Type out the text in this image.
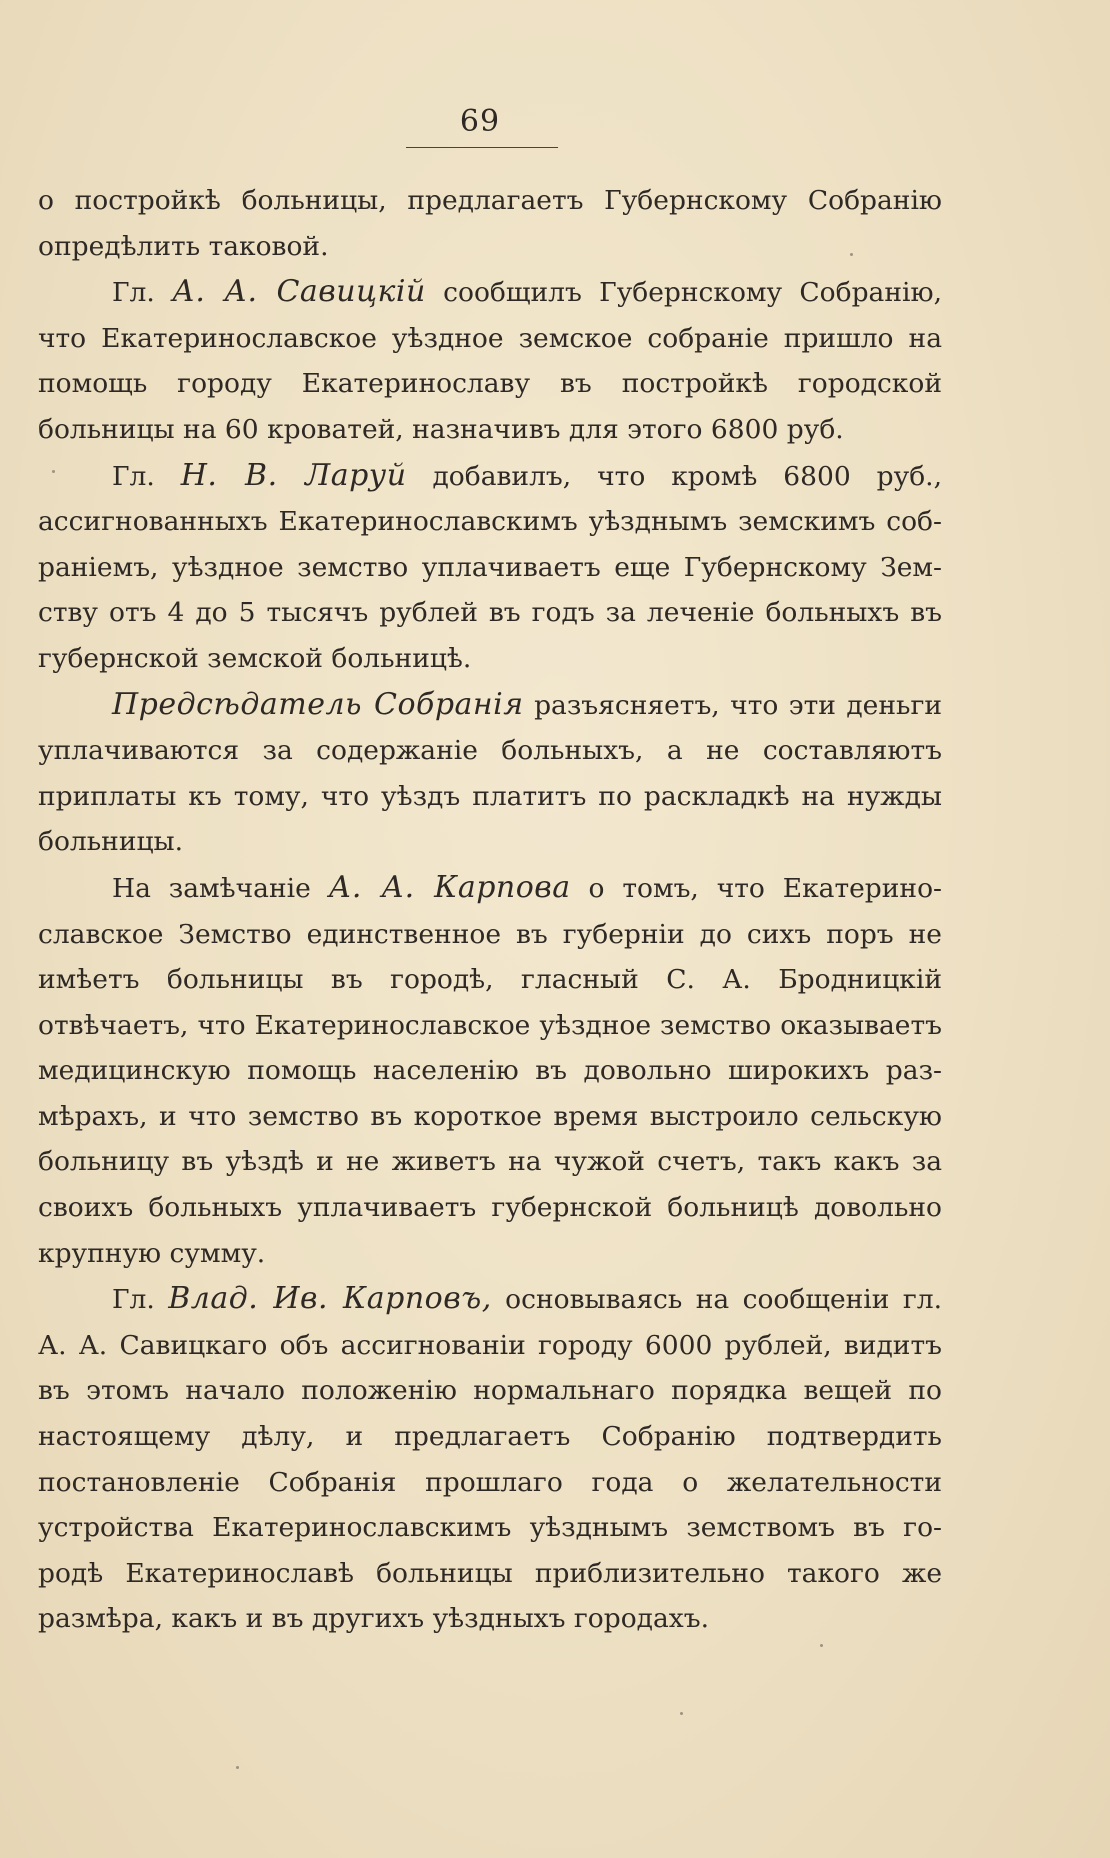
69

о постройкѣ больницы, предлагаетъ Губернскому Собранію опредѣлить таковой.

Гл. А. А. Савицкій сообщилъ Губернскому Собранію, что Екатеринославское уѣздное земское собраніе пришло на помощь городу Екатеринославу въ постройкѣ городской больницы на 60 кроватей, назначивъ для этого 6800 руб.

Гл. Н. В. Ларуй добавилъ, что кромѣ 6800 руб., ассигнованныхъ Екатеринославскимъ уѣзднымъ земскимъ собраніемъ, уѣздное земство уплачиваетъ еще Губернскому Земству отъ 4 до 5 тысячъ рублей въ годъ за леченіе больныхъ въ губернской земской больницѣ.

Предсѣдатель Собранія разъясняетъ, что эти деньги уплачиваются за содержаніе больныхъ, а не составляютъ приплаты къ тому, что уѣздъ платитъ по раскладкѣ на нужды больницы.

На замѣчаніе А. А. Карпова о томъ, что Екатеринославское Земство единственное въ губерніи до сихъ поръ не имѣетъ больницы въ городѣ, гласный С. А. Бродницкій отвѣчаетъ, что Екатеринославское уѣздное земство оказываетъ медицинскую помощь населенію въ довольно широкихъ размѣрахъ, и что земство въ короткое время выстроило сельскую больницу въ уѣздѣ и не живетъ на чужой счетъ, такъ какъ за своихъ больныхъ уплачиваетъ губернской больницѣ довольно крупную сумму.

Гл. Влад. Ив. Карповъ, основываясь на сообщеніи гл. А. А. Савицкаго объ ассигнованіи городу 6000 рублей, видитъ въ этомъ начало положенію нормальнаго порядка вещей по настоящему дѣлу, и предлагаетъ Собранію подтвердить постановленіе Собранія прошлаго года о желательности устройства Екатеринославскимъ уѣзднымъ земствомъ въ городѣ Екатеринославѣ больницы приблизительно такого же размѣра, какъ и въ другихъ уѣздныхъ городахъ.
